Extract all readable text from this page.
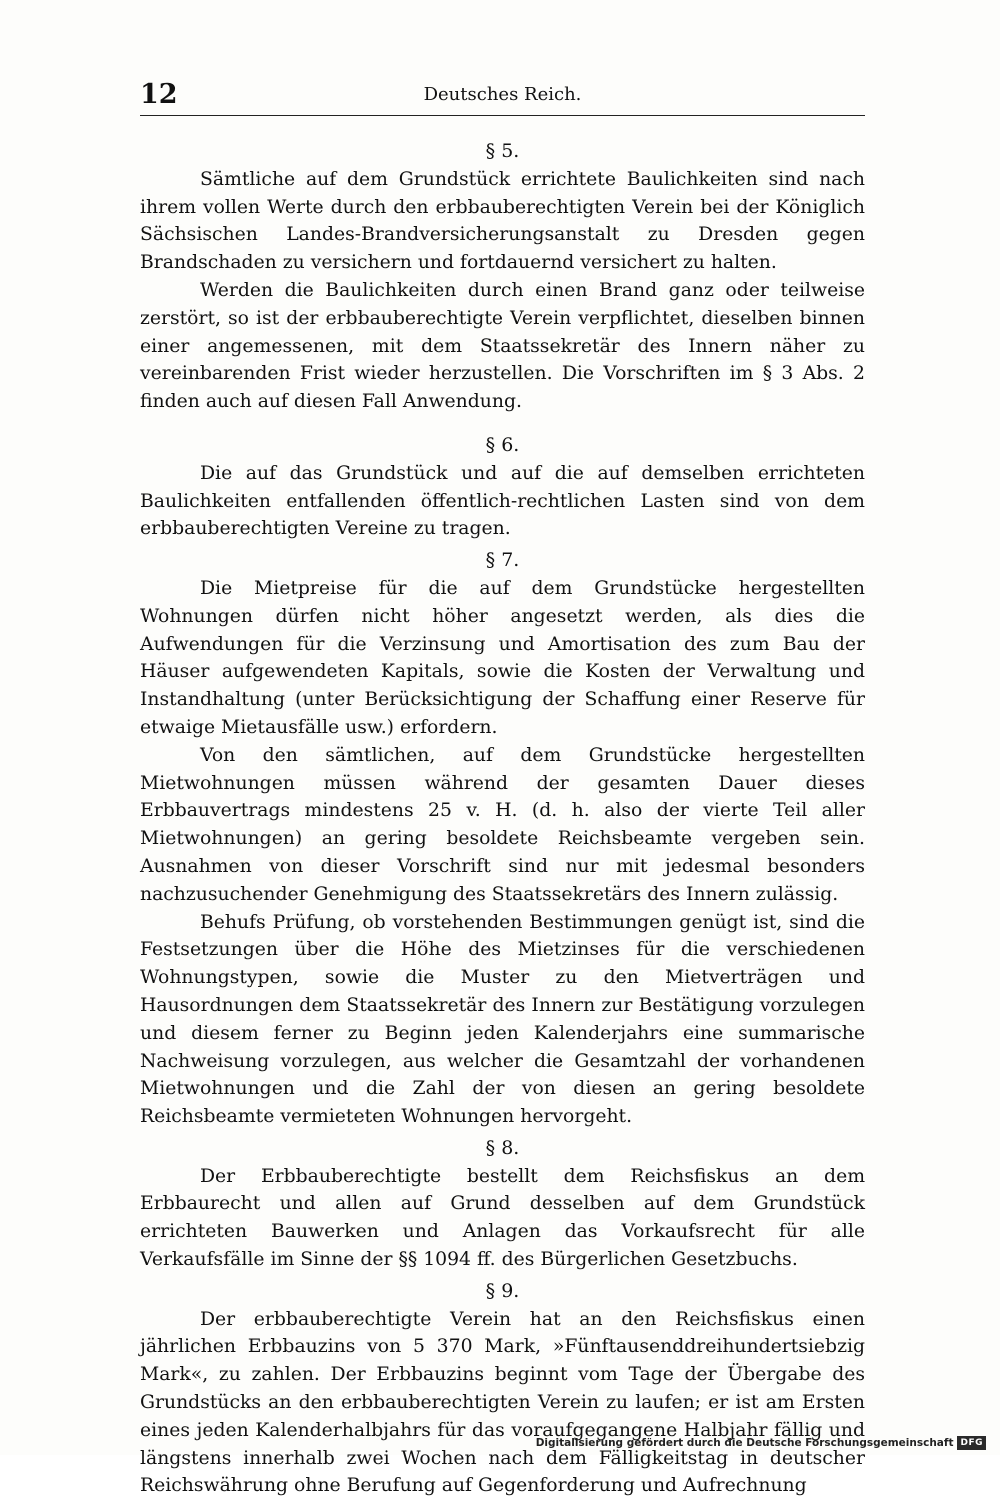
12	Deutsches Reich.
§ 5.

Sämtliche auf dem Grundstück errichtete Baulichkeiten sind nach ihrem vollen Werte durch den erbbauberechtigten Verein bei der Königlich Sächsischen Landes-Brandversicherungsanstalt zu Dresden gegen Brandschaden zu versichern und fortdauernd versichert zu halten.

Werden die Baulichkeiten durch einen Brand ganz oder teilweise zerstört, so ist der erbbauberechtigte Verein verpflichtet, dieselben binnen einer angemessenen, mit dem Staatssekretär des Innern näher zu vereinbarenden Frist wieder herzustellen. Die Vorschriften im § 3 Abs. 2 finden auch auf diesen Fall Anwendung.

§ 6.

Die auf das Grundstück und auf die auf demselben errichteten Baulichkeiten entfallenden öffentlich-rechtlichen Lasten sind von dem erbbauberechtigten Vereine zu tragen.

§ 7.

Die Mietpreise für die auf dem Grundstücke hergestellten Wohnungen dürfen nicht höher angesetzt werden, als dies die Aufwendungen für die Verzinsung und Amortisation des zum Bau der Häuser aufgewendeten Kapitals, sowie die Kosten der Verwaltung und Instandhaltung (unter Berücksichtigung der Schaffung einer Reserve für etwaige Mietausfälle usw.) erfordern.

Von den sämtlichen, auf dem Grundstücke hergestellten Mietwohnungen müssen während der gesamten Dauer dieses Erbbauvertrags mindestens 25 v. H. (d. h. also der vierte Teil aller Mietwohnungen) an gering besoldete Reichsbeamte vergeben sein. Ausnahmen von dieser Vorschrift sind nur mit jedesmal besonders nachzusuchender Genehmigung des Staatssekretärs des Innern zulässig.

Behufs Prüfung, ob vorstehenden Bestimmungen genügt ist, sind die Festsetzungen über die Höhe des Mietzinses für die verschiedenen Wohnungstypen, sowie die Muster zu den Mietverträgen und Hausordnungen dem Staatssekretär des Innern zur Bestätigung vorzulegen und diesem ferner zu Beginn jeden Kalenderjahrs eine summarische Nachweisung vorzulegen, aus welcher die Gesamtzahl der vorhandenen Mietwohnungen und die Zahl der von diesen an gering besoldete Reichsbeamte vermieteten Wohnungen hervorgeht.

§ 8.

Der Erbbauberechtigte bestellt dem Reichsfiskus an dem Erbbaurecht und allen auf Grund desselben auf dem Grundstück errichteten Bauwerken und Anlagen das Vorkaufsrecht für alle Verkaufsfälle im Sinne der §§ 1094 ff. des Bürgerlichen Gesetzbuchs.

§ 9.

Der erbbauberechtigte Verein hat an den Reichsfiskus einen jährlichen Erbbauzins von 5 370 Mark, »Fünftausenddreihundertsiebzig Mark«, zu zahlen. Der Erbbauzins beginnt vom Tage der Übergabe des Grundstücks an den erbbauberechtigten Verein zu laufen; er ist am Ersten eines jeden Kalenderhalbjahrs für das voraufgegangene Halbjahr fällig und längstens innerhalb zwei Wochen nach dem Fälligkeitstag in deutscher Reichswährung ohne Berufung auf Gegenforderung und Aufrechnung

Digitalisierung gefördert durch die Deutsche Forschungsgemeinschaft DFG
